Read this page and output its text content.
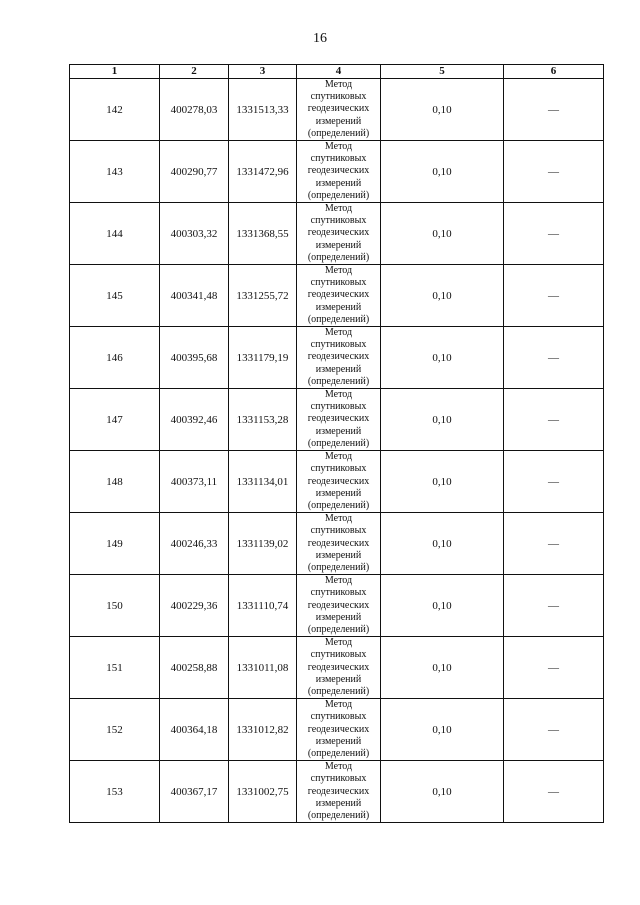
16
1	2	3	4	5	6
142	400278,03	1331513,33	Метод
спутниковых
геодезических
измерений
(определений)	0,10	—
143	400290,77	1331472,96	Метод
спутниковых
геодезических
измерений
(определений)	0,10	—
144	400303,32	1331368,55	Метод
спутниковых
геодезических
измерений
(определений)	0,10	—
145	400341,48	1331255,72	Метод
спутниковых
геодезических
измерений
(определений)	0,10	—
146	400395,68	1331179,19	Метод
спутниковых
геодезических
измерений
(определений)	0,10	—
147	400392,46	1331153,28	Метод
спутниковых
геодезических
измерений
(определений)	0,10	—
148	400373,11	1331134,01	Метод
спутниковых
геодезических
измерений
(определений)	0,10	—
149	400246,33	1331139,02	Метод
спутниковых
геодезических
измерений
(определений)	0,10	—
150	400229,36	1331110,74	Метод
спутниковых
геодезических
измерений
(определений)	0,10	—
151	400258,88	1331011,08	Метод
спутниковых
геодезических
измерений
(определений)	0,10	—
152	400364,18	1331012,82	Метод
спутниковых
геодезических
измерений
(определений)	0,10	—
153	400367,17	1331002,75	Метод
спутниковых
геодезических
измерений
(определений)	0,10	—
